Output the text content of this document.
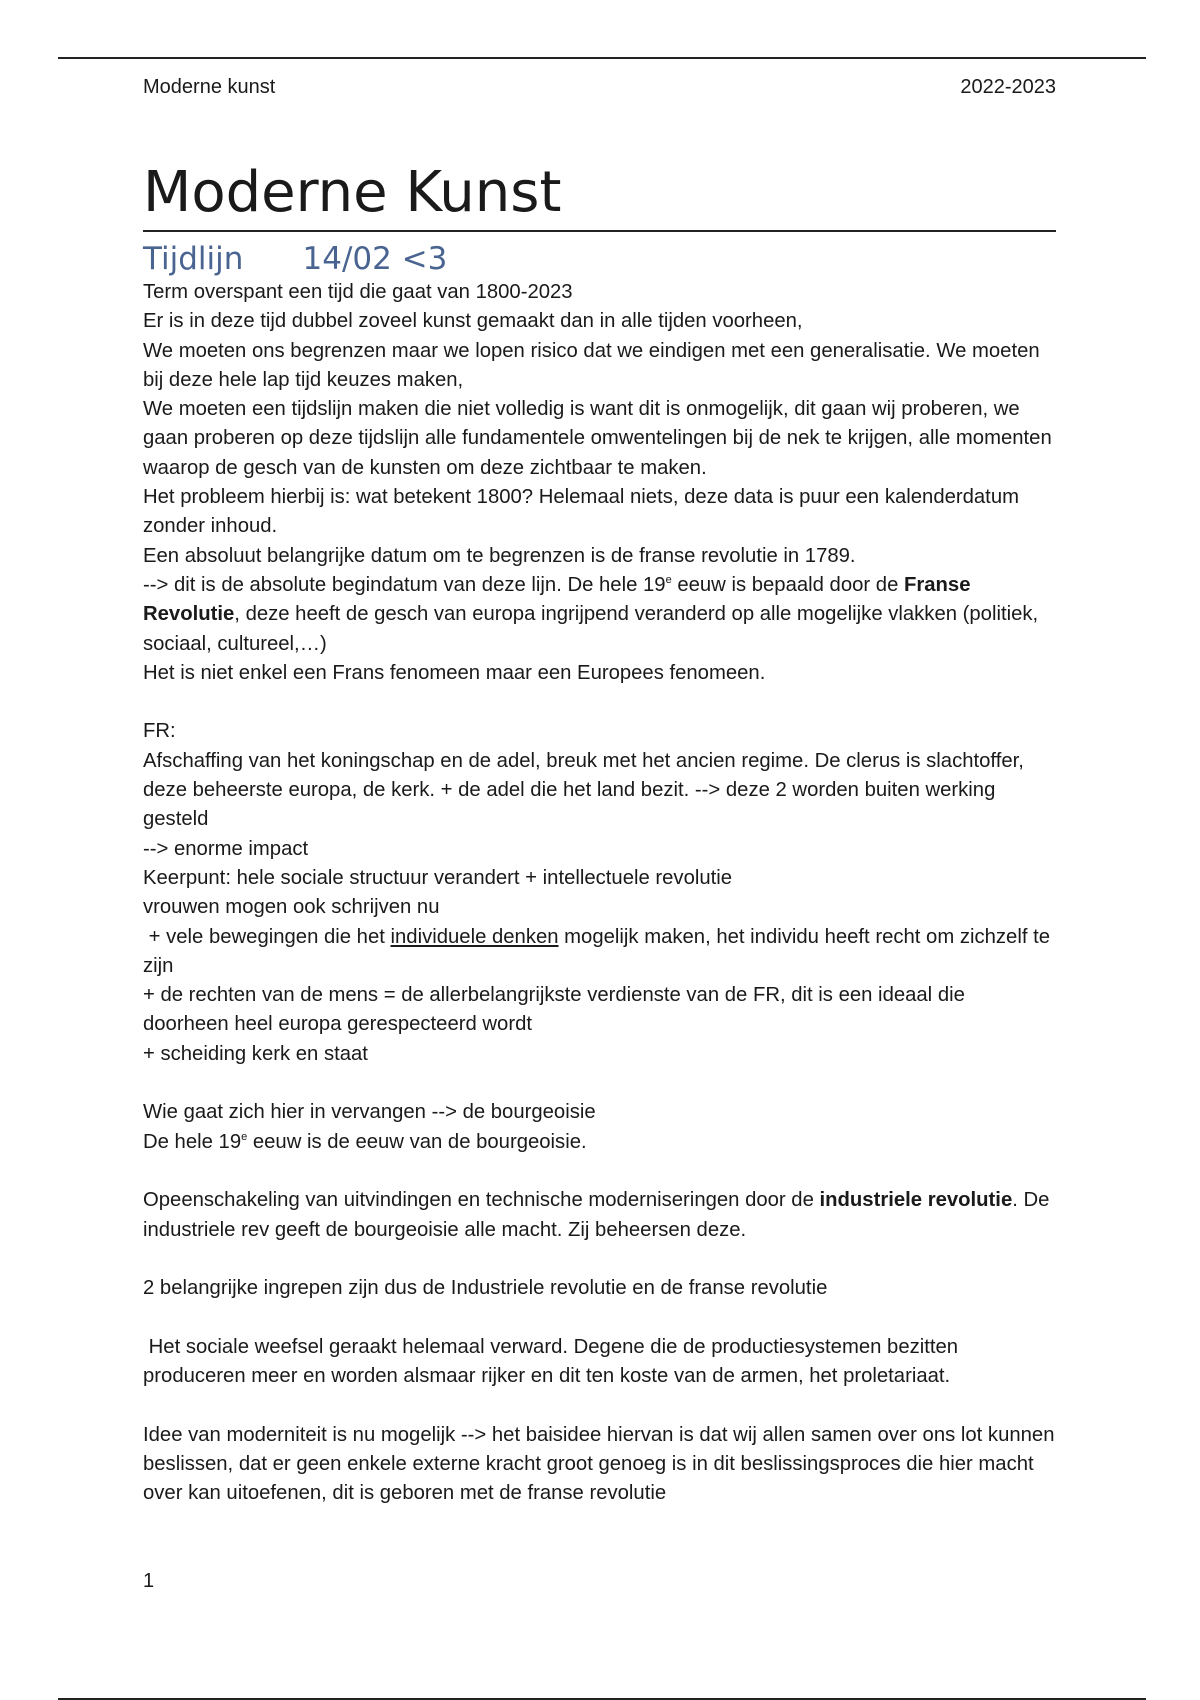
Moderne kunst	2022-2023
Moderne Kunst
Tijdlijn      14/02 <3

Term overspant een tijd die gaat van 1800-2023

Er is in deze tijd dubbel zoveel kunst gemaakt dan in alle tijden voorheen,

We moeten ons begrenzen maar we lopen risico dat we eindigen met een generalisatie. We moeten bij deze hele lap tijd keuzes maken,

We moeten een tijdslijn maken die niet volledig is want dit is onmogelijk, dit gaan wij proberen, we gaan proberen op deze tijdslijn alle fundamentele omwentelingen bij de nek te krijgen, alle momenten waarop de gesch van de kunsten om deze zichtbaar te maken.

Het probleem hierbij is: wat betekent 1800? Helemaal niets, deze data is puur een kalenderdatum zonder inhoud.

Een absoluut belangrijke datum om te begrenzen is de franse revolutie in 1789.

--> dit is de absolute begindatum van deze lijn. De hele 19e eeuw is bepaald door de Franse Revolutie, deze heeft de gesch van europa ingrijpend veranderd op alle mogelijke vlakken (politiek, sociaal, cultureel,…)

Het is niet enkel een Frans fenomeen maar een Europees fenomeen.

FR:

Afschaffing van het koningschap en de adel, breuk met het ancien regime. De clerus is slachtoffer, deze beheerste europa, de kerk. + de adel die het land bezit. --> deze 2 worden buiten werking gesteld

--> enorme impact

Keerpunt: hele sociale structuur verandert + intellectuele revolutie

vrouwen mogen ook schrijven nu

+ vele bewegingen die het individuele denken mogelijk maken, het individu heeft recht om zichzelf te zijn

+ de rechten van de mens = de allerbelangrijkste verdienste van de FR, dit is een ideaal die doorheen heel europa gerespecteerd wordt

+ scheiding kerk en staat

Wie gaat zich hier in vervangen --> de bourgeoisie

De hele 19e eeuw is de eeuw van de bourgeoisie.

Opeenschakeling van uitvindingen en technische moderniseringen door de industriele revolutie. De industriele rev geeft de bourgeoisie alle macht. Zij beheersen deze.

2 belangrijke ingrepen zijn dus de Industriele revolutie en de franse revolutie

Het sociale weefsel geraakt helemaal verward. Degene die de productiesystemen bezitten produceren meer en worden alsmaar rijker en dit ten koste van de armen, het proletariaat.

Idee van moderniteit is nu mogelijk --> het baisidee hiervan is dat wij allen samen over ons lot kunnen beslissen, dat er geen enkele externe kracht groot genoeg is in dit beslissingsproces die hier macht over kan uitoefenen, dit is geboren met de franse revolutie

1
